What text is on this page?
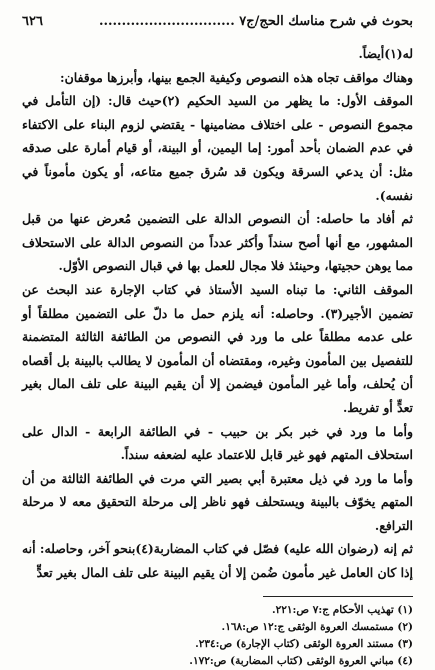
بحوث في شرح مناسك الحج/ج٧ ..............................
٦٢٦

له(١)أيضاً.

وهناك مواقف تجاه هذه النصوص وكيفية الجمع بينها، وأبرزها موقفان:

الموقف الأول: ما يظهر من السيد الحكيم (٢)حيث قال: (إن التأمل في مجموع النصوص - على اختلاف مضامينها - يقتضي لزوم البناء على الاكتفاء في عدم الضمان بأحد أمور: إما اليمين، أو البينة، أو قيام أمارة على صدقه مثل: أن يدعي السرقة ويكون قد سُرق جميع متاعه، أو يكون مأموناً في نفسه).

ثم أفاد ما حاصله: أن النصوص الدالة على التضمين مُعرض عنها من قبل المشهور، مع أنها أصح سنداً وأكثر عدداً من النصوص الدالة على الاستحلاف مما يوهن حجيتها، وحينئذ فلا مجال للعمل بها في قبال النصوص الأوّل.

الموقف الثاني: ما تبناه السيد الأستاذ في كتاب الإجارة عند البحث عن تضمين الأجير(٣). وحاصله: أنه يلزم حمل ما دلّ على التضمين مطلقاً أو على عدمه مطلقاً على ما ورد في النصوص من الطائفة الثالثة المتضمنة للتفصيل بين المأمون وغيره، ومقتضاه أن المأمون لا يطالب بالبينة بل أقصاه أن يُحلف، وأما غير المأمون فيضمن إلا أن يقيم البينة على تلف المال بغير تعدٍّ أو تفريط.

وأما ما ورد في خبر بكر بن حبيب - في الطائفة الرابعة - الدال على استحلاف المتهم فهو غير قابل للاعتماد عليه لضعفه سنداً.

وأما ما ورد في ذيل معتبرة أبي بصير التي مرت في الطائفة الثالثة من أن المتهم يخوّف بالبينة ويستحلف فهو ناظر إلى مرحلة التحقيق معه لا مرحلة الترافع.

ثم إنه (رضوان الله عليه) فصّل في كتاب المضاربة(٤)بنحو آخر، وحاصله: أنه إذا كان العامل غير مأمون ضُمن إلا أن يقيم البينة على تلف المال بغير تعدٍّ

(١) تهذيب الأحكام ج:٧ ص:٢٢١.
(٢) مستمسك العروة الوثقى ج:١٢ ص:١٦٨.
(٣) مستند العروة الوثقى (كتاب الإجارة) ص:٢٣٤.
(٤) مباني العروة الوثقى (كتاب المضاربة) ص:١٧٢.
